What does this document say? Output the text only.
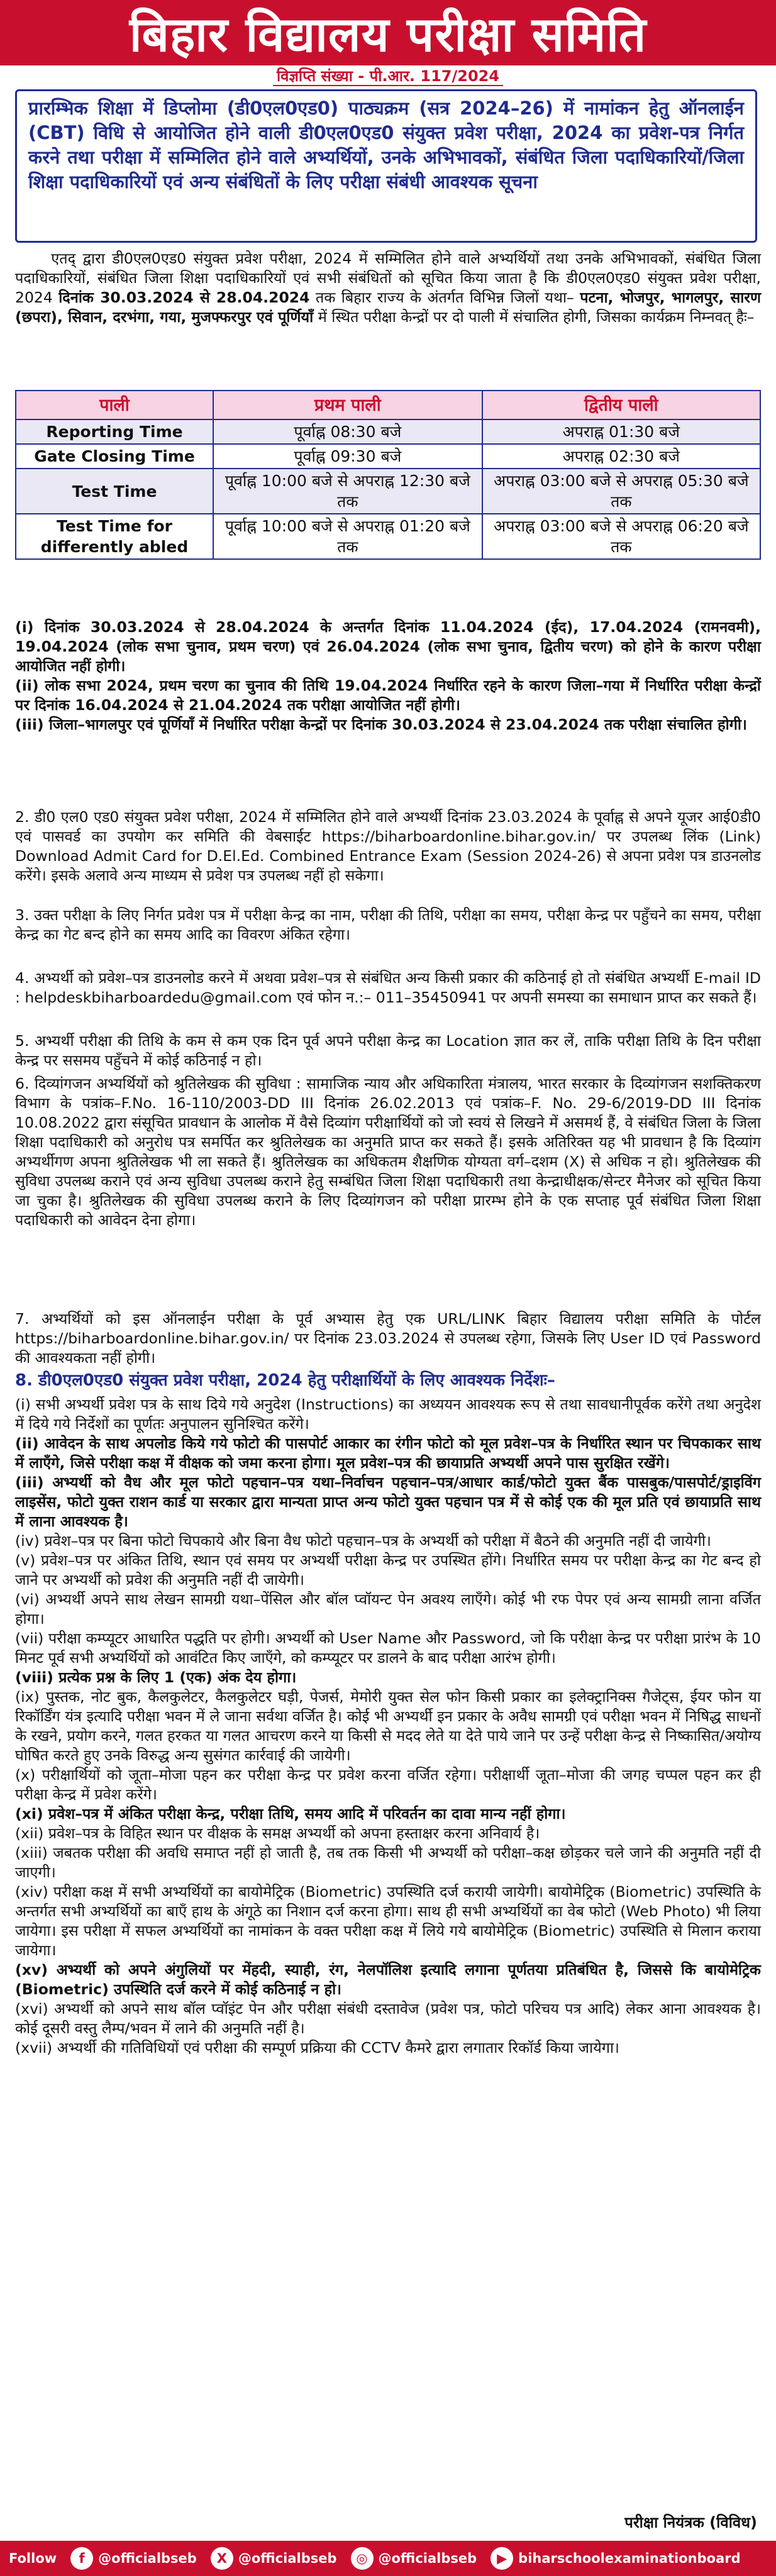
बिहार विद्यालय परीक्षा समिति
विज्ञप्ति संख्या - पी.आर. 117/2024
प्रारम्भिक शिक्षा में डिप्लोमा (डी0एल0एड0) पाठ्यक्रम (सत्र 2024–26) में नामांकन हेतु ऑनलाईन (CBT) विधि से आयोजित होने वाली डी0एल0एड0 संयुक्त प्रवेश परीक्षा, 2024 का प्रवेश-पत्र निर्गत करने तथा परीक्षा में सम्मिलित होने वाले अभ्यर्थियों, उनके अभिभावकों, संबंधित जिला पदाधिकारियों/जिला शिक्षा पदाधिकारियों एवं अन्य संबंधितों के लिए परीक्षा संबंधी आवश्यक सूचना
एतद् द्वारा डी0एल0एड0 संयुक्त प्रवेश परीक्षा, 2024 में सम्मिलित होने वाले अभ्यर्थियों तथा उनके अभिभावकों, संबंधित जिला पदाधिकारियों, संबंधित जिला शिक्षा पदाधिकारियों एवं सभी संबंधितों को सूचित किया जाता है कि डी0एल0एड0 संयुक्त प्रवेश परीक्षा, 2024 दिनांक 30.03.2024 से 28.04.2024 तक बिहार राज्य के अंतर्गत विभिन्न जिलों यथा– पटना, भोजपुर, भागलपुर, सारण (छपरा), सिवान, दरभंगा, गया, मुजफ्फरपुर एवं पूर्णियाँ में स्थित परीक्षा केन्द्रों पर दो पाली में संचालित होगी, जिसका कार्यक्रम निम्नवत् हैः–
पाली	प्रथम पाली	द्वितीय पाली
Reporting Time	पूर्वाह्न 08:30 बजे	अपराह्न 01:30 बजे
Gate Closing Time	पूर्वाह्न 09:30 बजे	अपराह्न 02:30 बजे
Test Time	पूर्वाह्न 10:00 बजे से अपराह्न 12:30 बजे तक	अपराह्न 03:00 बजे से अपराह्न 05:30 बजे तक
Test Time for differently abled	पूर्वाह्न 10:00 बजे से अपराह्न 01:20 बजे तक	अपराह्न 03:00 बजे से अपराह्न 06:20 बजे तक
(i) दिनांक 30.03.2024 से 28.04.2024 के अन्तर्गत दिनांक 11.04.2024 (ईद), 17.04.2024 (रामनवमी), 19.04.2024 (लोक सभा चुनाव, प्रथम चरण) एवं 26.04.2024 (लोक सभा चुनाव, द्वितीय चरण) को होने के कारण परीक्षा आयोजित नहीं होगी।
(ii) लोक सभा 2024, प्रथम चरण का चुनाव की तिथि 19.04.2024 निर्धारित रहने के कारण जिला–गया में निर्धारित परीक्षा केन्द्रों पर दिनांक 16.04.2024 से 21.04.2024 तक परीक्षा आयोजित नहीं होगी।
(iii) जिला–भागलपुर एवं पूर्णियाँ में निर्धारित परीक्षा केन्द्रों पर दिनांक 30.03.2024 से 23.04.2024 तक परीक्षा संचालित होगी।
2. डी0 एल0 एड0 संयुक्त प्रवेश परीक्षा, 2024 में सम्मिलित होने वाले अभ्यर्थी दिनांक 23.03.2024 के पूर्वाह्न से अपने यूजर आई0डी0 एवं पासवर्ड का उपयोग कर समिति की वेबसाईट https://biharboardonline.bihar.gov.in/ पर उपलब्ध लिंक (Link) Download Admit Card for D.El.Ed. Combined Entrance Exam (Session 2024-26) से अपना प्रवेश पत्र डाउनलोड करेंगे। इसके अलावे अन्य माध्यम से प्रवेश पत्र उपलब्ध नहीं हो सकेगा।
3. उक्त परीक्षा के लिए निर्गत प्रवेश पत्र में परीक्षा केन्द्र का नाम, परीक्षा की तिथि, परीक्षा का समय, परीक्षा केन्द्र पर पहुँचने का समय, परीक्षा केन्द्र का गेट बन्द होने का समय आदि का विवरण अंकित रहेगा।
4. अभ्यर्थी को प्रवेश–पत्र डाउनलोड करने में अथवा प्रवेश–पत्र से संबंधित अन्य किसी प्रकार की कठिनाई हो तो संबंधित अभ्यर्थी E-mail ID : helpdeskbiharboardedu@gmail.com एवं फोन न.:– 011–35450941 पर अपनी समस्या का समाधान प्राप्त कर सकते हैं।
5. अभ्यर्थी परीक्षा की तिथि के कम से कम एक दिन पूर्व अपने परीक्षा केन्द्र का Location ज्ञात कर लें, ताकि परीक्षा तिथि के दिन परीक्षा केन्द्र पर ससमय पहुँचने में कोई कठिनाई न हो।
6. दिव्यांगजन अभ्यर्थियों को श्रुतिलेखक की सुविधा : सामाजिक न्याय और अधिकारिता मंत्रालय, भारत सरकार के दिव्यांगजन सशक्तिकरण विभाग के पत्रांक–F.No. 16-110/2003-DD III दिनांक 26.02.2013 एवं पत्रांक–F. No. 29-6/2019-DD III दिनांक 10.08.2022 द्वारा संसूचित प्रावधान के आलोक में वैसे दिव्यांग परीक्षार्थियों को जो स्वयं से लिखने में असमर्थ हैं, वे संबंधित जिला के जिला शिक्षा पदाधिकारी को अनुरोध पत्र समर्पित कर श्रुतिलेखक का अनुमति प्राप्त कर सकते हैं। इसके अतिरिक्त यह भी प्रावधान है कि दिव्यांग अभ्यर्थीगण अपना श्रुतिलेखक भी ला सकते हैं। श्रुतिलेखक का अधिकतम शैक्षणिक योग्यता वर्ग–दशम (X) से अधिक न हो। श्रुतिलेखक की सुविधा उपलब्ध कराने एवं अन्य सुविधा उपलब्ध कराने हेतु सम्बंधित जिला शिक्षा पदाधिकारी तथा केन्द्राधीक्षक/सेन्टर मैनेजर को सूचित किया जा चुका है। श्रुतिलेखक की सुविधा उपलब्ध कराने के लिए दिव्यांगजन को परीक्षा प्रारम्भ होने के एक सप्ताह पूर्व संबंधित जिला शिक्षा पदाधिकारी को आवेदन देना होगा।
7. अभ्यर्थियों को इस ऑनलाईन परीक्षा के पूर्व अभ्यास हेतु एक URL/LINK बिहार विद्यालय परीक्षा समिति के पोर्टल https://biharboardonline.bihar.gov.in/ पर दिनांक 23.03.2024 से उपलब्ध रहेगा, जिसके लिए User ID एवं Password की आवश्यकता नहीं होगी।
8. डी0एल0एड0 संयुक्त प्रवेश परीक्षा, 2024 हेतु परीक्षार्थियों के लिए आवश्यक निर्देशः–
(i) सभी अभ्यर्थी प्रवेश पत्र के साथ दिये गये अनुदेश (Instructions) का अध्ययन आवश्यक रूप से तथा सावधानीपूर्वक करेंगे तथा अनुदेश में दिये गये निर्देशों का पूर्णतः अनुपालन सुनिश्चित करेंगे।
(ii) आवेदन के साथ अपलोड किये गये फोटो की पासपोर्ट आकार का रंगीन फोटो को मूल प्रवेश–पत्र के निर्धारित स्थान पर चिपकाकर साथ में लाएँगे, जिसे परीक्षा कक्ष में वीक्षक को जमा करना होगा। मूल प्रवेश–पत्र की छायाप्रति अभ्यर्थी अपने पास सुरक्षित रखेंगे।
(iii) अभ्यर्थी को वैध और मूल फोटो पहचान–पत्र यथा–निर्वाचन पहचान–पत्र/आधार कार्ड/फोटो युक्त बैंक पासबुक/पासपोर्ट/ड्राइविंग लाइसेंस, फोटो युक्त राशन कार्ड या सरकार द्वारा मान्यता प्राप्त अन्य फोटो युक्त पहचान पत्र में से कोई एक की मूल प्रति एवं छायाप्रति साथ में लाना आवश्यक है।
(iv) प्रवेश–पत्र पर बिना फोटो चिपकाये और बिना वैध फोटो पहचान–पत्र के अभ्यर्थी को परीक्षा में बैठने की अनुमति नहीं दी जायेगी।
(v) प्रवेश–पत्र पर अंकित तिथि, स्थान एवं समय पर अभ्यर्थी परीक्षा केन्द्र पर उपस्थित होंगे। निर्धारित समय पर परीक्षा केन्द्र का गेट बन्द हो जाने पर अभ्यर्थी को प्रवेश की अनुमति नहीं दी जायेगी।
(vi) अभ्यर्थी अपने साथ लेखन सामग्री यथा–पेंसिल और बॉल प्वॉयन्ट पेन अवश्य लाएँगे। कोई भी रफ पेपर एवं अन्य सामग्री लाना वर्जित होगा।
(vii) परीक्षा कम्प्यूटर आधारित पद्धति पर होगी। अभ्यर्थी को User Name और Password, जो कि परीक्षा केन्द्र पर परीक्षा प्रारंभ के 10 मिनट पूर्व सभी अभ्यर्थियों को आवंटित किए जाएँगे, को कम्प्यूटर पर डालने के बाद परीक्षा आरंभ होगी।
(viii) प्रत्येक प्रश्न के लिए 1 (एक) अंक देय होगा।
(ix) पुस्तक, नोट बुक, कैलकुलेटर, कैलकुलेटर घड़ी, पेजर्स, मेमोरी युक्त सेल फोन किसी प्रकार का इलेक्ट्रानिक्स गैजेट्स, ईयर फोन या रिकॉर्डिंग यंत्र इत्यादि परीक्षा भवन में ले जाना सर्वथा वर्जित है। कोई भी अभ्यर्थी इन प्रकार के अवैध सामग्री एवं परीक्षा भवन में निषिद्ध साधनों के रखने, प्रयोग करने, गलत हरकत या गलत आचरण करने या किसी से मदद लेते या देते पाये जाने पर उन्हें परीक्षा केन्द्र से निष्कासित/अयोग्य घोषित करते हुए उनके विरुद्ध अन्य सुसंगत कार्रवाई की जायेगी।
(x) परीक्षार्थियों को जूता–मोजा पहन कर परीक्षा केन्द्र पर प्रवेश करना वर्जित रहेगा। परीक्षार्थी जूता–मोजा की जगह चप्पल पहन कर ही परीक्षा केन्द्र में प्रवेश करेंगे।
(xi) प्रवेश–पत्र में अंकित परीक्षा केन्द्र, परीक्षा तिथि, समय आदि में परिवर्तन का दावा मान्य नहीं होगा।
(xii) प्रवेश–पत्र के विहित स्थान पर वीक्षक के समक्ष अभ्यर्थी को अपना हस्ताक्षर करना अनिवार्य है।
(xiii) जबतक परीक्षा की अवधि समाप्त नहीं हो जाती है, तब तक किसी भी अभ्यर्थी को परीक्षा–कक्ष छोड़कर चले जाने की अनुमति नहीं दी जाएगी।
(xiv) परीक्षा कक्ष में सभी अभ्यर्थियों का बायोमेट्रिक (Biometric) उपस्थिति दर्ज करायी जायेगी। बायोमेट्रिक (Biometric) उपस्थिति के अन्तर्गत सभी अभ्यर्थियों का बाएँ हाथ के अंगूठे का निशान दर्ज करना होगा। साथ ही सभी अभ्यर्थियों का वेब फोटो (Web Photo) भी लिया जायेगा। इस परीक्षा में सफल अभ्यर्थियों का नामांकन के वक्त परीक्षा कक्ष में लिये गये बायोमेट्रिक (Biometric) उपस्थिति से मिलान कराया जायेगा।
(xv) अभ्यर्थी को अपने अंगुलियों पर मेंहदी, स्याही, रंग, नेलपॉलिश इत्यादि लगाना पूर्णतया प्रतिबंधित है, जिससे कि बायोमेट्रिक (Biometric) उपस्थिति दर्ज करने में कोई कठिनाई न हो।
(xvi) अभ्यर्थी को अपने साथ बॉल प्वॉइंट पेन और परीक्षा संबंधी दस्तावेज (प्रवेश पत्र, फोटो परिचय पत्र आदि) लेकर आना आवश्यक है। कोई दूसरी वस्तु लैम्प/भवन में लाने की अनुमति नहीं है।
(xvii) अभ्यर्थी की गतिविधियों एवं परीक्षा की सम्पूर्ण प्रक्रिया की CCTV कैमरे द्वारा लगातार रिकॉर्ड किया जायेगा।
परीक्षा नियंत्रक (विविध)
Follow	f	@officialbseb	X @officialbseb	◎ @officialbseb	▶ biharschoolexaminationboard
